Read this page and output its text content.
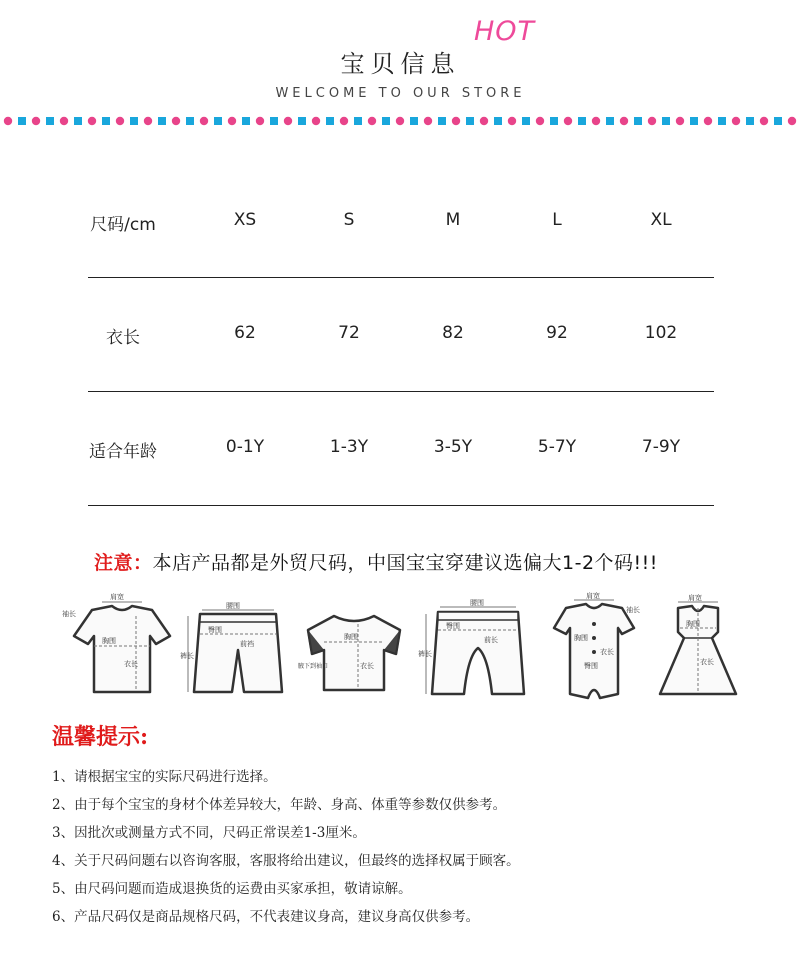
宝贝信息
HOT
WELCOME TO OUR STORE
尺码/cm	XS	S	M	L	XL
衣长	62	72	82	92	102
适合年龄	0-1Y	1-3Y	3-5Y	5-7Y	7-9Y
注意：本店产品都是外贸尺码，中国宝宝穿建议选偏大1-2个码!!!
肩宽
胸围
衣长
袖长
腰围
臀围
裤长
前裆
胸围
衣长
腋下到袖口
腰围
臀围
前长
裤长
肩宽
袖长
胸围
衣长
臀围
肩宽
胸围
衣长
温馨提示:
1、请根据宝宝的实际尺码进行选择。
2、由于每个宝宝的身材个体差异较大，年龄、身高、体重等参数仅供参考。
3、因批次或测量方式不同，尺码正常误差1-3厘米。
4、关于尺码问题右以咨询客服，客服将给出建议，但最终的选择权属于顾客。
5、由尺码问题而造成退换货的运费由买家承担，敬请谅解。
6、产品尺码仅是商品规格尺码，不代表建议身高，建议身高仅供参考。
